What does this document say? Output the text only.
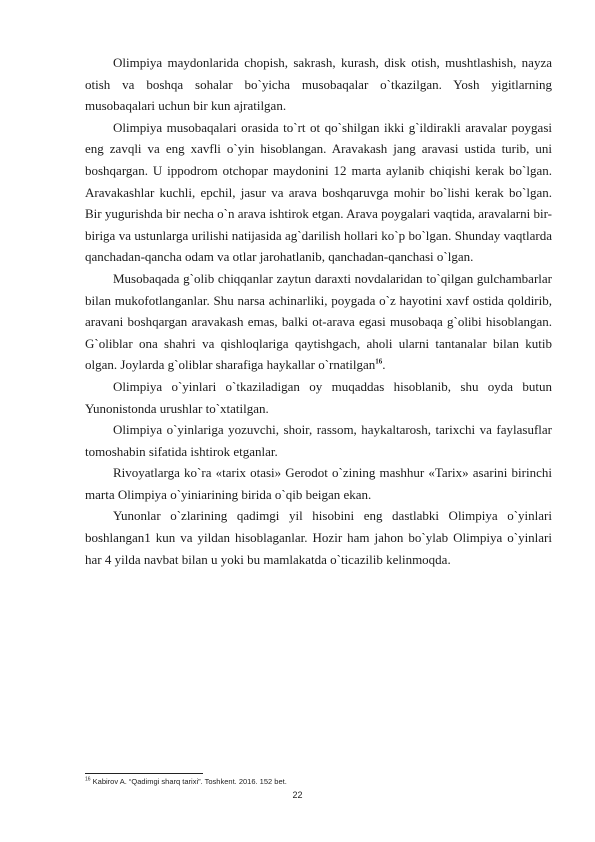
Olimpiya maydonlarida chopish, sakrash, kurash, disk otish, mushtlashish, nayza otish va boshqa sohalar bo`yicha musobaqalar o`tkazilgan. Yosh yigitlarning musobaqalari uchun bir kun ajratilgan.

Olimpiya musobaqalari orasida to`rt ot qo`shilgan ikki g`ildirakli aravalar poygasi eng zavqli va eng xavfli o`yin hisoblangan. Aravakash jang aravasi ustida turib, uni boshqargan. U ippodrom otchopar maydonini 12 marta aylanib chiqishi kerak bo`lgan. Aravakashlar kuchli, epchil, jasur va arava boshqaruvga mohir bo`lishi kerak bo`lgan. Bir yugurishda bir necha o`n arava ishtirok etgan. Arava poygalari vaqtida, aravalarni bir-biriga va ustunlarga urilishi natijasida ag`darilish hollari ko`p bo`lgan. Shunday vaqtlarda qanchadan-qancha odam va otlar jarohatlanib, qanchadan-qanchasi o`lgan.

Musobaqada g`olib chiqqanlar zaytun daraxti novdalaridan to`qilgan gulchambarlar bilan mukofotlanganlar. Shu narsa achinarliki, poygada o`z hayotini xavf ostida qoldirib, aravani boshqargan aravakash emas, balki ot-arava egasi musobaqa g`olibi hisoblangan. G`oliblar ona shahri va qishloqlariga qaytishgach, aholi ularni tantanalar bilan kutib olgan. Joylarda g`oliblar sharafiga haykallar o`rnatilgan$^{16}$.

Olimpiya o`yinlari o`tkaziladigan oy muqaddas hisoblanib, shu oyda butun Yunonistonda urushlar to`xtatilgan.

Olimpiya o`yinlariga yozuvchi, shoir, rassom, haykaltarosh, tarixchi va faylasuflar tomoshabin sifatida ishtirok etganlar.

Rivoyatlarga ko`ra «tarix otasi» Gerodot o`zining mashhur «Tarix» asarini birinchi marta Olimpiya o`yiniarining birida o`qib beigan ekan.

Yunonlar o`zlarining qadimgi yil hisobini eng dastlabki Olimpiya o`yinlari boshlangan1 kun va yildan hisoblaganlar. Hozir ham jahon bo`ylab Olimpiya o`yinlari har 4 yilda navbat bilan u yoki bu mamlakatda o`ticazilib kelinmoqda.

$^{16}$ Kabirov A. “Qadimgi sharq tarixi”. Toshkent. 2016. 152 bet.
22
